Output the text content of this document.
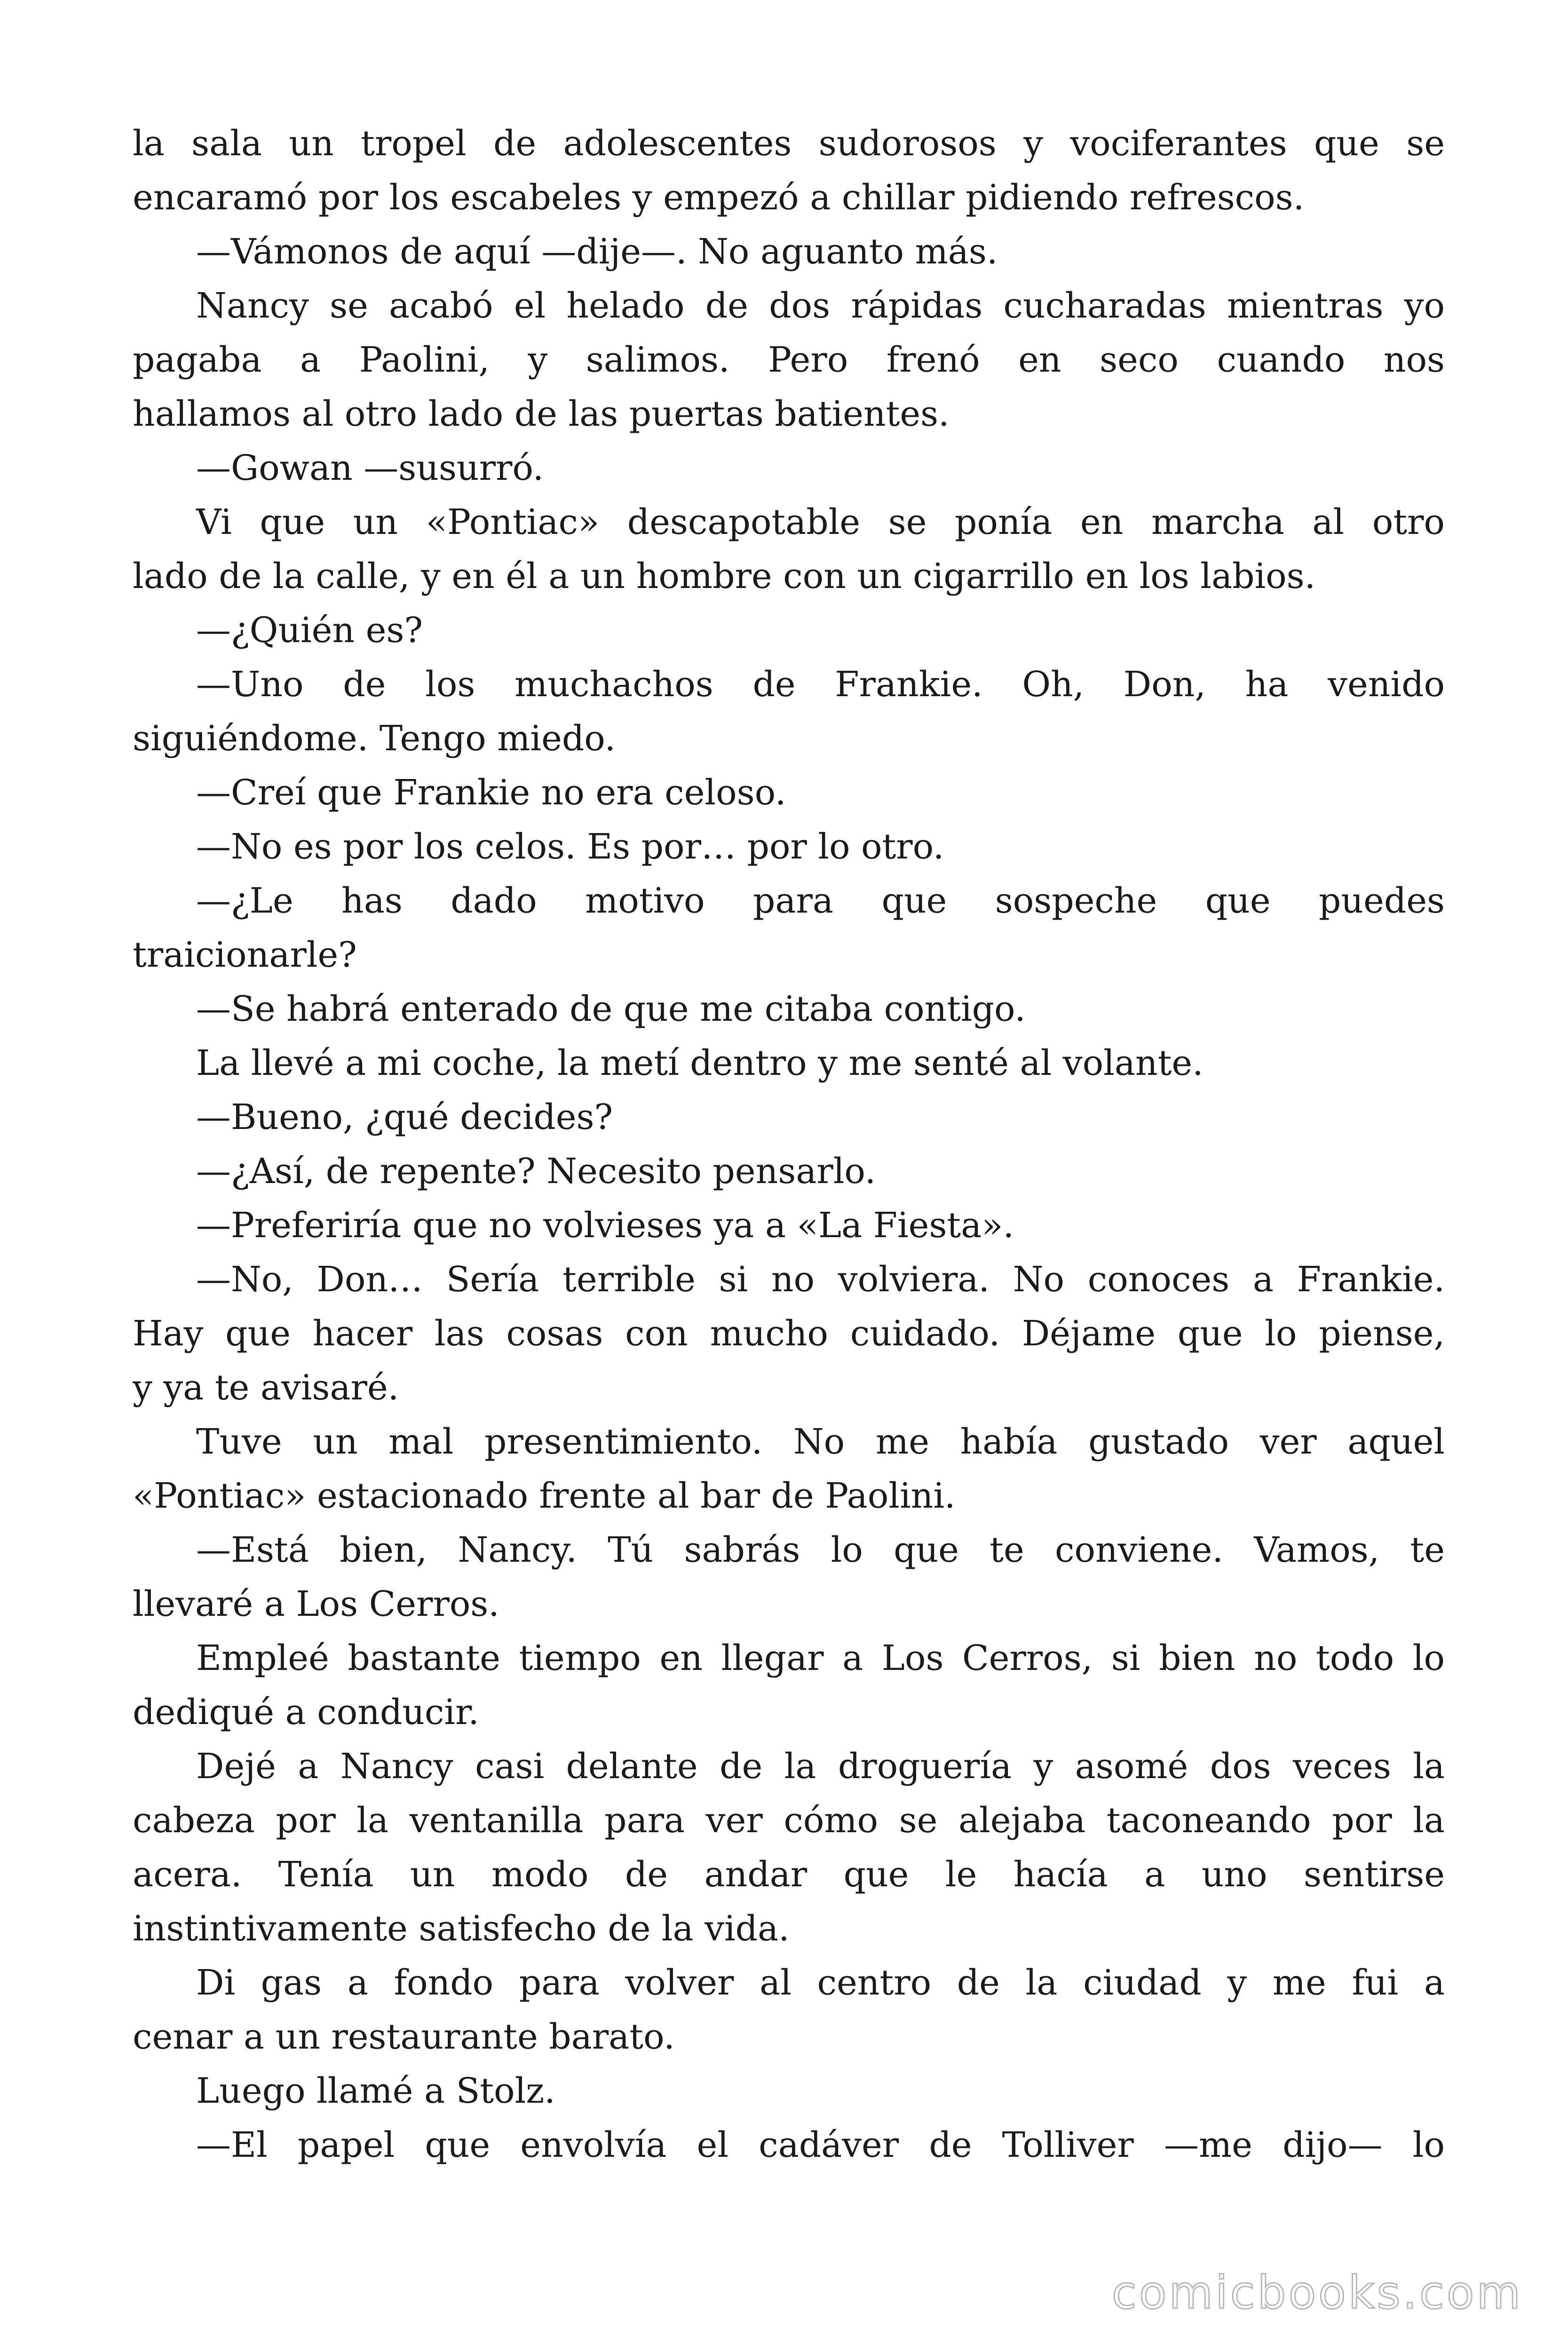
la sala un tropel de adolescentes sudorosos y vociferantes que se
encaramó por los escabeles y empezó a chillar pidiendo refrescos.
—Vámonos de aquí —dije—. No aguanto más.
Nancy se acabó el helado de dos rápidas cucharadas mientras yo
pagaba a Paolini, y salimos. Pero frenó en seco cuando nos
hallamos al otro lado de las puertas batientes.
—Gowan —susurró.
Vi que un «Pontiac» descapotable se ponía en marcha al otro
lado de la calle, y en él a un hombre con un cigarrillo en los labios.
—¿Quién es?
—Uno de los muchachos de Frankie. Oh, Don, ha venido
siguiéndome. Tengo miedo.
—Creí que Frankie no era celoso.
—No es por los celos. Es por… por lo otro.
—¿Le has dado motivo para que sospeche que puedes
traicionarle?
—Se habrá enterado de que me citaba contigo.
La llevé a mi coche, la metí dentro y me senté al volante.
—Bueno, ¿qué decides?
—¿Así, de repente? Necesito pensarlo.
—Preferiría que no volvieses ya a «La Fiesta».
—No, Don… Sería terrible si no volviera. No conoces a Frankie.
Hay que hacer las cosas con mucho cuidado. Déjame que lo piense,
y ya te avisaré.
Tuve un mal presentimiento. No me había gustado ver aquel
«Pontiac» estacionado frente al bar de Paolini.
—Está bien, Nancy. Tú sabrás lo que te conviene. Vamos, te
llevaré a Los Cerros.
Empleé bastante tiempo en llegar a Los Cerros, si bien no todo lo
dediqué a conducir.
Dejé a Nancy casi delante de la droguería y asomé dos veces la
cabeza por la ventanilla para ver cómo se alejaba taconeando por la
acera. Tenía un modo de andar que le hacía a uno sentirse
instintivamente satisfecho de la vida.
Di gas a fondo para volver al centro de la ciudad y me fui a
cenar a un restaurante barato.
Luego llamé a Stolz.
—El papel que envolvía el cadáver de Tolliver —me dijo— lo
comicbooks.com
